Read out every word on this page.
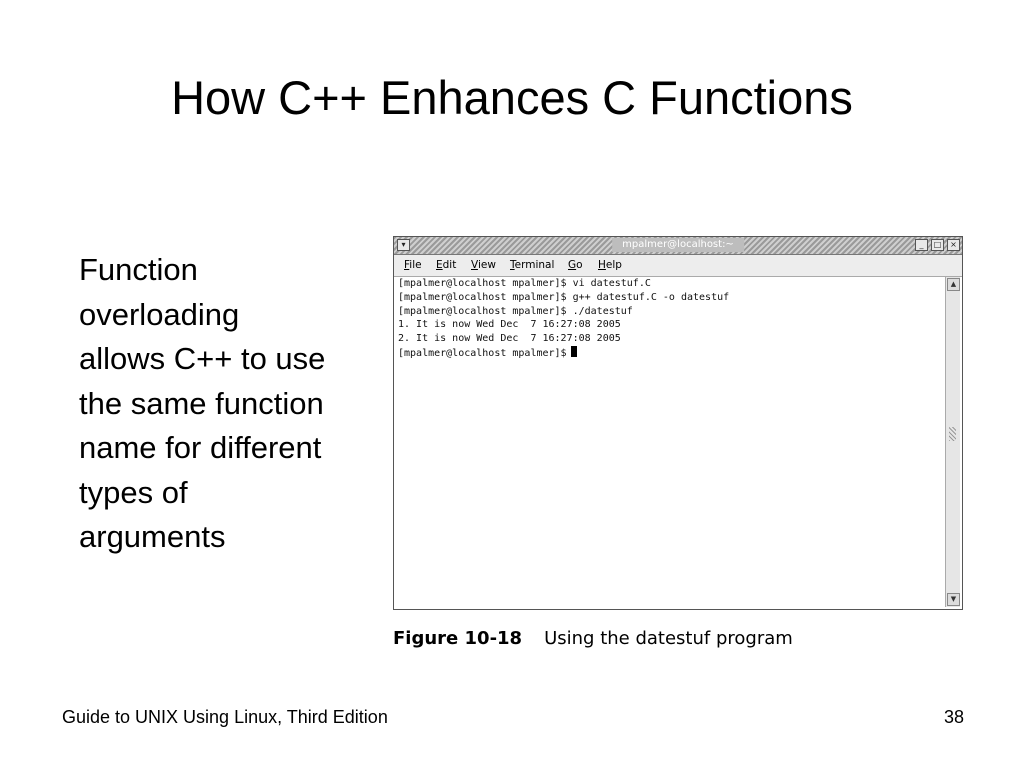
How C++ Enhances C Functions
Function
overloading
allows C++ to use
the same function
name for different
types of
arguments
▾	mpalmer@localhost:~	_	□	×
File Edit View Terminal Go Help
[mpalmer@localhost mpalmer]$ vi datestuf.C
[mpalmer@localhost mpalmer]$ g++ datestuf.C -o datestuf
[mpalmer@localhost mpalmer]$ ./datestuf
1. It is now Wed Dec  7 16:27:08 2005
2. It is now Wed Dec  7 16:27:08 2005
[mpalmer@localhost mpalmer]$
▲
▼
Figure 10-18 Using the datestuf program
Guide to UNIX Using Linux, Third Edition	38
